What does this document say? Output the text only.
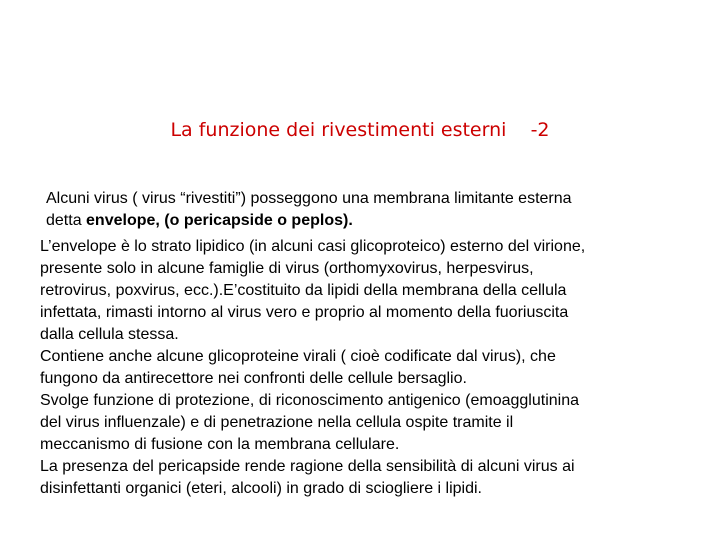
La funzione dei rivestimenti esterni    -2
Alcuni virus ( virus “rivestiti”) posseggono una membrana limitante esterna
detta envelope, (o pericapside o peplos).
L’envelope è lo strato lipidico (in alcuni casi glicoproteico) esterno del virione,
presente solo in alcune famiglie di virus (orthomyxovirus, herpesvirus,
retrovirus, poxvirus, ecc.).E’costituito da lipidi della membrana della cellula
infettata, rimasti intorno al virus vero e proprio al momento della fuoriuscita
dalla cellula stessa.
Contiene anche alcune glicoproteine virali ( cioè codificate dal virus), che
fungono da antirecettore nei confronti delle cellule bersaglio.
Svolge funzione di protezione, di riconoscimento antigenico (emoagglutinina
del virus influenzale) e di penetrazione nella cellula ospite tramite il
meccanismo di fusione con la membrana cellulare.
La presenza del pericapside rende ragione della sensibilità di alcuni virus ai
disinfettanti organici (eteri, alcooli) in grado di sciogliere i lipidi.
